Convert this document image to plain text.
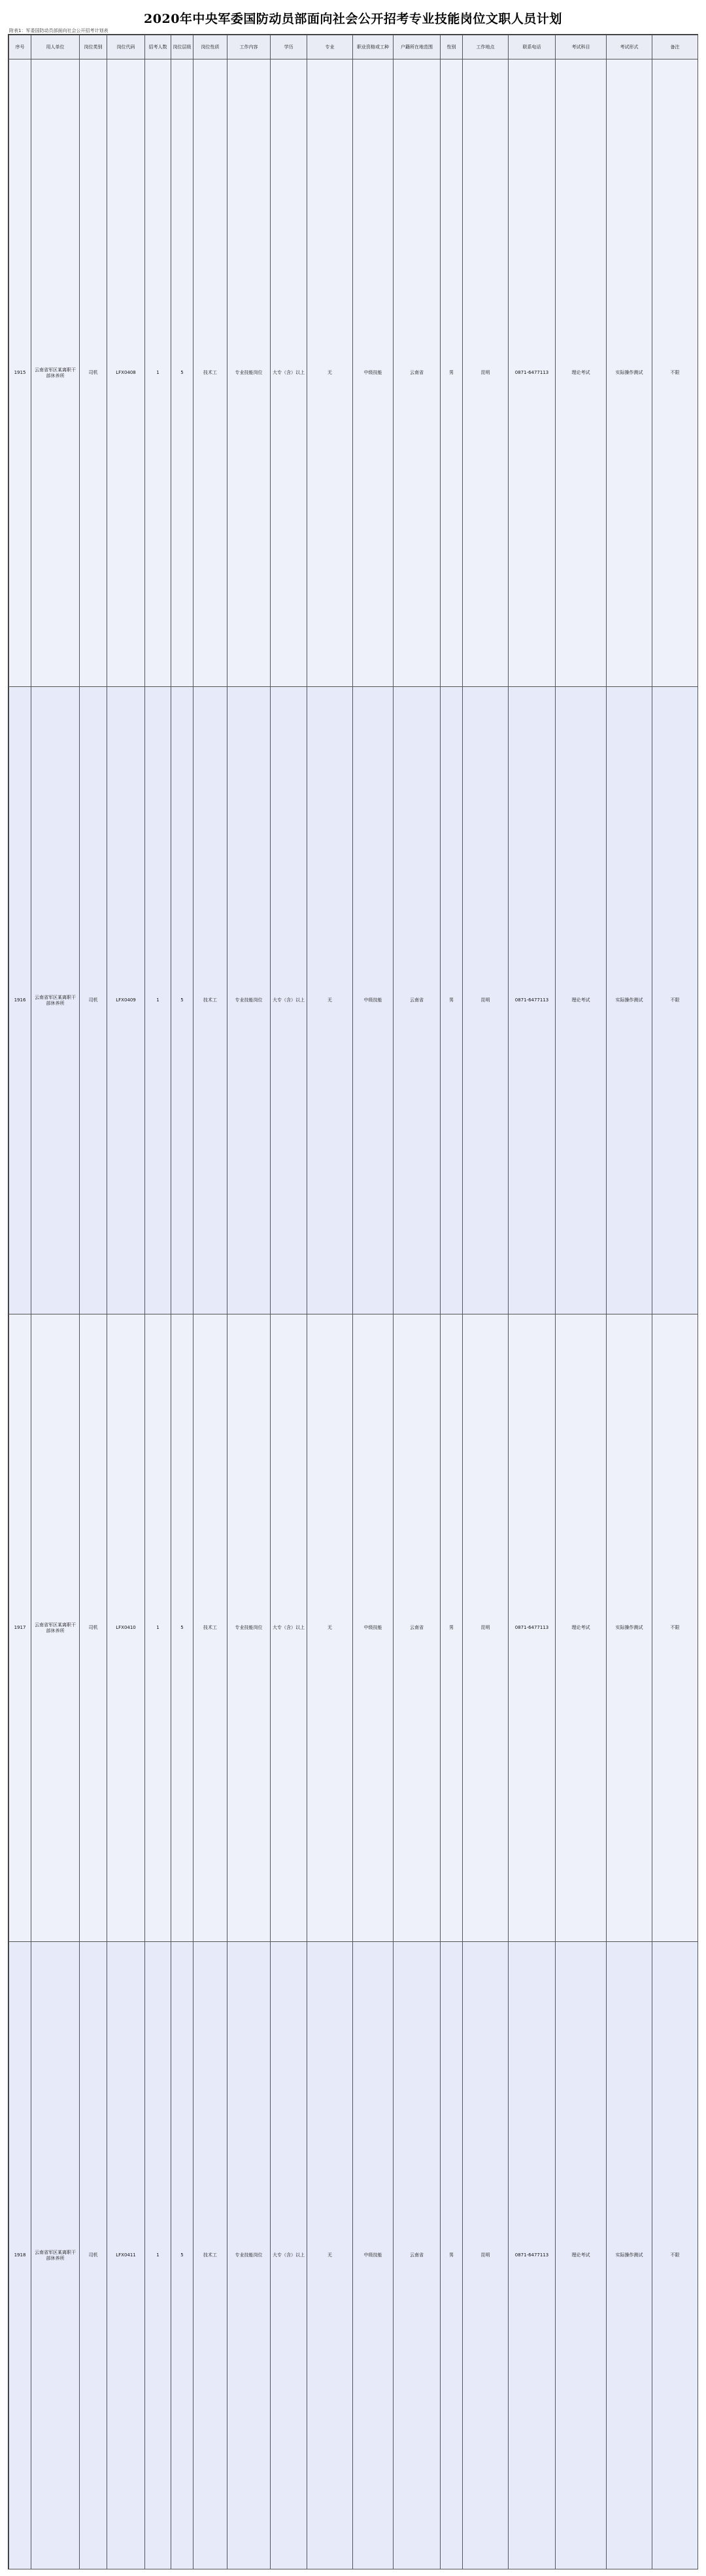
2020年中央军委国防动员部面向社会公开招考专业技能岗位文职人员计划
附表1：军委国防动员部面向社会公开招考计划表
序号	用人单位	岗位类别	岗位代码	招考人数	岗位层级	岗位性质	工作内容	学历	专业	职业资格或工种	户籍所在地范围	性别	工作地点	联系电话	考试科目	考试形式	备注
1915	云南省军区某离职干部休养所	司机	LFX0408	1	5	技术工	专业技能岗位	大专（含）以上	无	中级技能	云南省	男	昆明	0871-6477113	理论考试	实际操作测试	不限
1916	云南省军区某离职干部休养所	司机	LFX0409	1	5	技术工	专业技能岗位	大专（含）以上	无	中级技能	云南省	男	昆明	0871-6477113	理论考试	实际操作测试	不限
1917	云南省军区某离职干部休养所	司机	LFX0410	1	5	技术工	专业技能岗位	大专（含）以上	无	中级技能	云南省	男	昆明	0871-6477113	理论考试	实际操作测试	不限
1918	云南省军区某离职干部休养所	司机	LFX0411	1	5	技术工	专业技能岗位	大专（含）以上	无	中级技能	云南省	男	昆明	0871-6477113	理论考试	实际操作测试	不限
